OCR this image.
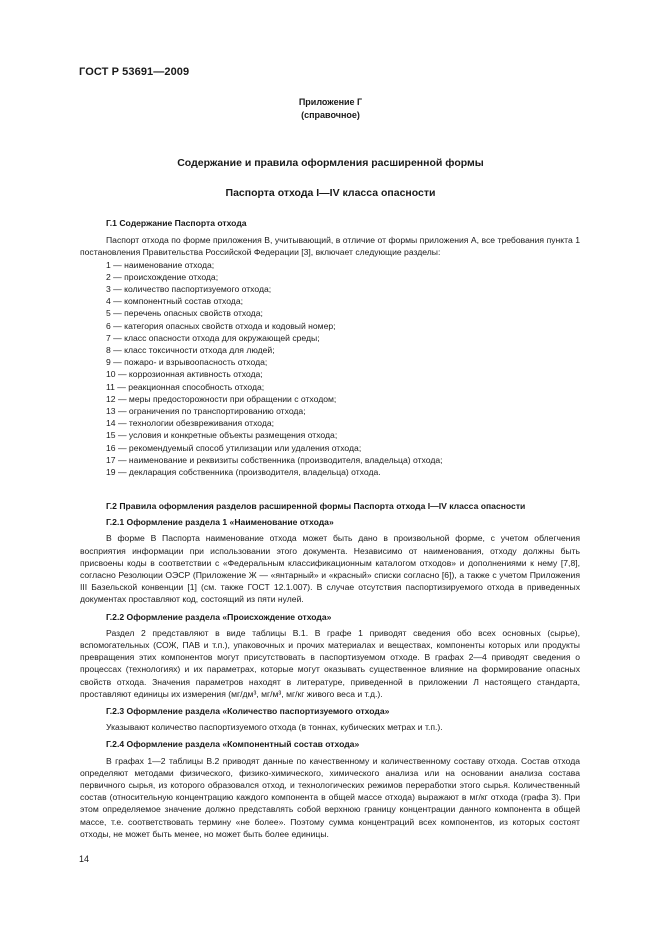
ГОСТ Р 53691—2009
Приложение Г
(справочное)
Содержание и правила оформления расширенной формы
Паспорта отхода I—IV класса опасности

Г.1 Содержание Паспорта отхода

Паспорт отхода по форме приложения В, учитывающий, в отличие от формы приложения А, все требования пункта 1 постановления Правительства Российской Федерации [3], включает следующие разделы:

1 — наименование отхода;

2 — происхождение отхода;

3 — количество паспортизуемого отхода;

4 — компонентный состав отхода;

5 — перечень опасных свойств отхода;

6 — категория опасных свойств отхода и кодовый номер;

7 — класс опасности отхода для окружающей среды;

8 — класс токсичности отхода для людей;

9 — пожаро- и взрывоопасность отхода;

10 — коррозионная активность отхода;

11 — реакционная способность отхода;

12 — меры предосторожности при обращении с отходом;

13 — ограничения по транспортированию отхода;

14 — технологии обезвреживания отхода;

15 — условия и конкретные объекты размещения отхода;

16 — рекомендуемый способ утилизации или удаления отхода;

17 — наименование и реквизиты собственника (производителя, владельца) отхода;

19 — декларация собственника (производителя, владельца) отхода.

Г.2 Правила оформления разделов расширенной формы Паспорта отхода I—IV класса опасности

Г.2.1 Оформление раздела 1 «Наименование отхода»

В форме В Паспорта наименование отхода может быть дано в произвольной форме, с учетом облегчения восприятия информации при использовании этого документа. Независимо от наименования, отходу должны быть присвоены коды в соответствии с «Федеральным классификационным каталогом отходов» и дополнениями к нему [7,8], согласно Резолюции ОЭСР (Приложение Ж — «янтарный» и «красный» списки согласно [6]), а также с учетом Приложения III Базельской конвенции [1] (см. также ГОСТ 12.1.007). В случае отсутствия паспортизируемого отхода в приведенных документах проставляют код, состоящий из пяти нулей.

Г.2.2 Оформление раздела «Происхождение отхода»

Раздел 2 представляют в виде таблицы В.1. В графе 1 приводят сведения обо всех основных (сырье), вспомогательных (СОЖ, ПАВ и т.п.), упаковочных и прочих материалах и веществах, компоненты которых или продукты превращения этих компонентов могут присутствовать в паспортизуемом отходе. В графах 2—4 приводят сведения о процессах (технологиях) и их параметрах, которые могут оказывать существенное влияние на формирование опасных свойств отхода. Значения параметров находят в литературе, приведенной в приложении Л настоящего стандарта, проставляют единицы их измерения (мг/дм³, мг/м³, мг/кг живого веса и т.д.).

Г.2.3 Оформление раздела «Количество паспортизуемого отхода»

Указывают количество паспортизуемого отхода (в тоннах, кубических метрах и т.п.).

Г.2.4 Оформление раздела «Компонентный состав отхода»

В графах 1—2 таблицы В.2 приводят данные по качественному и количественному составу отхода. Состав отхода определяют методами физического, физико-химического, химического анализа или на основании анализа состава первичного сырья, из которого образовался отход, и технологических режимов переработки этого сырья. Количественный состав (относительную концентрацию каждого компонента в общей массе отхода) выражают в мг/кг отхода (графа 3). При этом определяемое значение должно представлять собой верхнюю границу концентрации данного компонента в общей массе, т.е. соответствовать термину «не более». Поэтому сумма концентраций всех компонентов, из которых состоят отходы, не может быть менее, но может быть более единицы.

14
